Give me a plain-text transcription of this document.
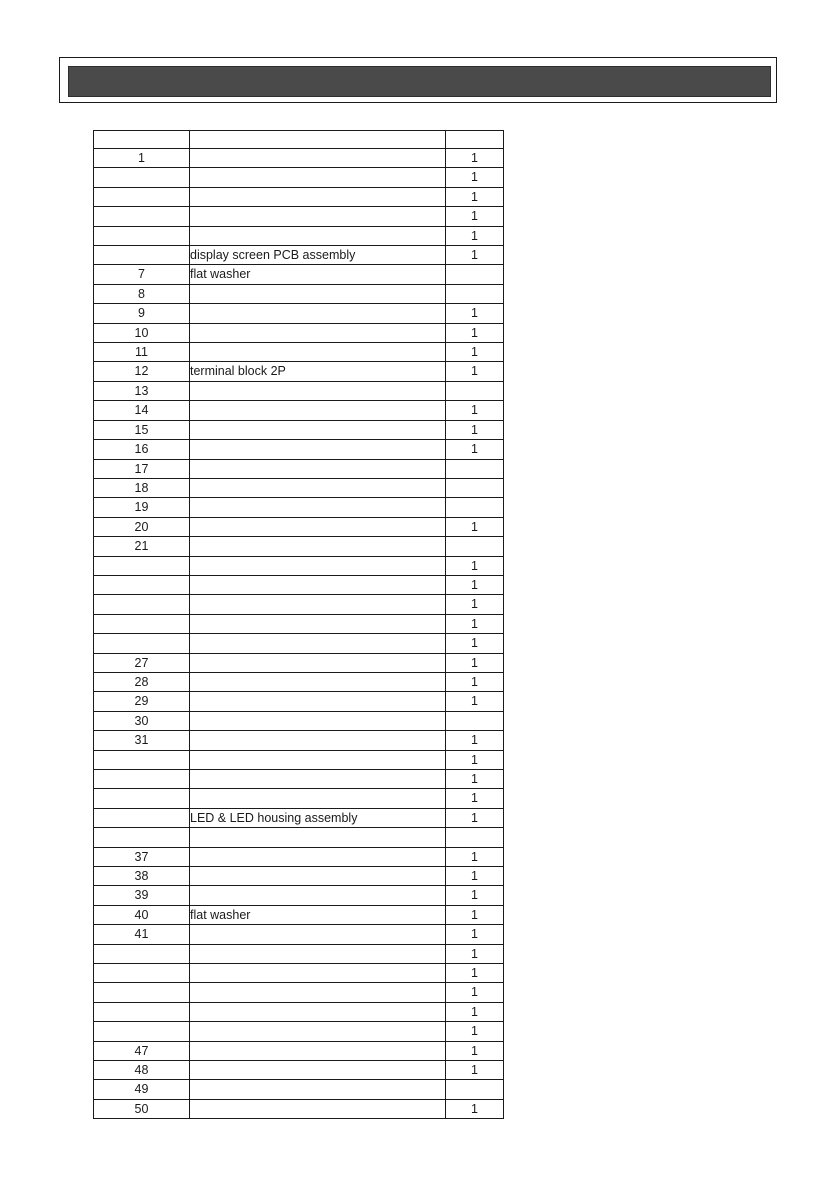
1		1
		1
		1
		1
		1
	display screen PCB assembly	1
7	flat washer	
8		
9		1
10		1
11		1
12	terminal block 2P	1
13		
14		1
15		1
16		1
17		
18		
19		
20		1
21		
		1
		1
		1
		1
		1
27		1
28		1
29		1
30		
31		1
		1
		1
		1
	LED & LED housing assembly	1

37		1
38		1
39		1
40	flat washer	1
41		1
		1
		1
		1
		1
		1
47		1
48		1
49		
50		1
